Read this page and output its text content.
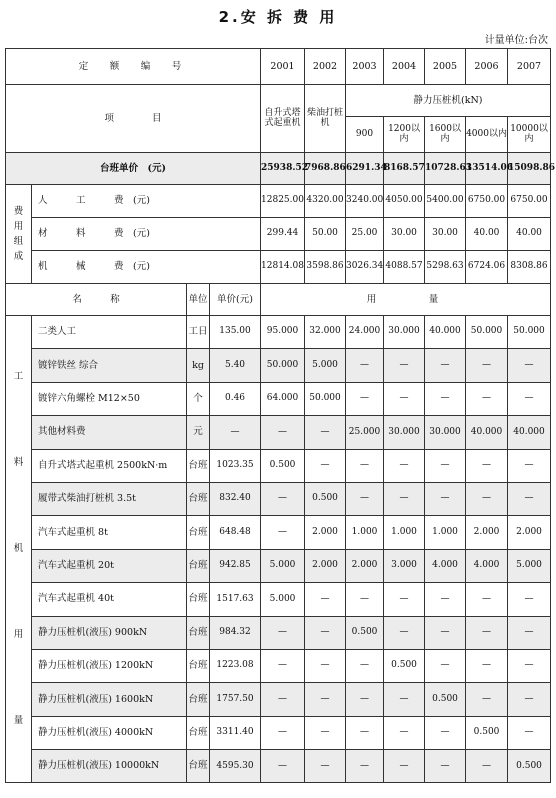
2.安 拆 费 用
计量单位:台次
定　额　编　号				2001	2002	2003	2004	2005	2006	2007
项　　　　目				自升式塔式起重机	柴油打桩机	静力压桩机(kN)				
						900	1200以内	1600以内	4000以内	10000以内
台班单价　(元)				25938.52	7968.86	6291.34	8168.57	10728.63	13514.06	15098.86
费用组成	人　　　工　　　费　(元)			12825.00	4320.00	3240.00	4050.00	5400.00	6750.00	6750.00
	材　　　料　　　费　(元)			299.44	50.00	25.00	30.00	30.00	40.00	40.00
	机　　　械　　　费　(元)			12814.08	3598.86	3026.34	4088.57	5298.63	6724.06	8308.86
名　　　称		单位	单价(元)	用　　　量						

工
料
机
用
量	二类人工	工日	135.00	95.000	32.000	24.000	30.000	40.000	50.000	50.000
	镀锌铁丝 综合	kg	5.40	50.000	5.000	—	—	—	—	—
	镀锌六角螺栓 M12×50	个	0.46	64.000	50.000	—	—	—	—	—
	其他材料费	元	—	—	—	25.000	30.000	30.000	40.000	40.000
	自升式塔式起重机 2500kN·m	台班	1023.35	0.500	—	—	—	—	—	—
	履带式柴油打桩机 3.5t	台班	832.40	—	0.500	—	—	—	—	—
	汽车式起重机 8t	台班	648.48	—	2.000	1.000	1.000	1.000	2.000	2.000
	汽车式起重机 20t	台班	942.85	5.000	2.000	2.000	3.000	4.000	4.000	5.000
	汽车式起重机 40t	台班	1517.63	5.000	—	—	—	—	—	—
	静力压桩机(液压) 900kN	台班	984.32	—	—	0.500	—	—	—	—
	静力压桩机(液压) 1200kN	台班	1223.08	—	—	—	0.500	—	—	—
	静力压桩机(液压) 1600kN	台班	1757.50	—	—	—	—	0.500	—	—
	静力压桩机(液压) 4000kN	台班	3311.40	—	—	—	—	—	0.500	—
	静力压桩机(液压) 10000kN	台班	4595.30	—	—	—	—	—	—	0.500
